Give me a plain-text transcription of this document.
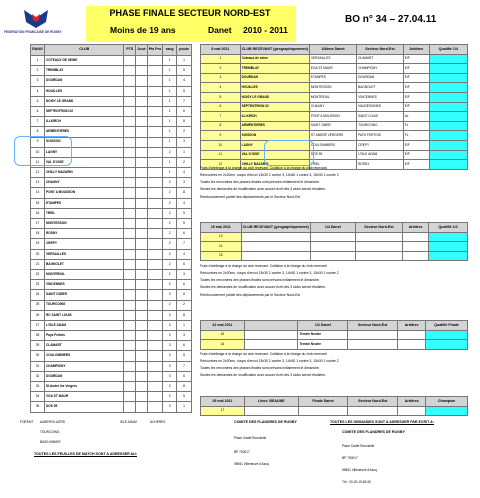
FEDERATION FRANCAISE DE RUGBY
PHASE FINALE SECTEUR NORD-EST
Moins de 19 ans	Danet 2010 - 2011
BO n° 34 – 27.04.11
RANG	CLUB	PTS	Joué	Pts Pro	rang	poule
1	COTEAUX DE SEINE				1	1
2	TREMBLAY				1	5
3	DOURDAN				1	4
4	HOUILLES				1	5
5	NOISY LE GRAND				1	7
6	SEPTENTRION 02				1	6
7	ILLKIRCH				1	8
8	ARMENTIERES				1	2
9	SOISSON				1	3
10	LAGNY				2	1
11	VAL D'OISE				1	2
12	CHILLY MAZARIN				1	4
13	CHAUNY				2	3
14	PONT A MOUSSON				2	8
15	ETAMPES				2	4
16	TRIEL				2	5
17	MONTESSON				2	5
18	ROSNY				2	6
19	CREPY				2	7
20	VERSAILLES				2	4
21	BAGNOLET				2	6
22	MONTREUIL				2	3
23	VINCENNES				2	6
24	SAINT DIZIER				3	8
25	TOURCOING				2	2
26	RC SAINT LOUIS				3	8
27	L'ISLE ADAM				3	1
28	Pays Fertois				3	3
29	CLAMART				3	6
30	COULOMMIERS				3	5
31	CHAMPIGNY				3	7
32	DOURDAN				3	6
33	St Andre les Vergers				3	8
34	VGA ST MAUR				3	5
35	DOS 95				3	1
FORFAIT AUBERVILLIERS
TOURCOING
BASS MINIER
ISLE ADAM	ACHERES
8 mai 2011	CLUB RECEVANT (géographiquement)	1/8ème Danet	Secteur Nord-Est	Arbitres	Qualifié 1/4
1	Coteaux de seine	VERSAILLES	CLAMART	EIF	
2	TREMBLAY	EGA ST MAUR	CHAMPIGNY	EIF	
3	DOURDAN	ETAMPES	DOURDAN	EIF	
4	HOUILLES	MONTESSON	BAGNOLET	EIF	
5	NOISY LE GRAND	MONTREUIL	VINCENNES	EIF	
6	SEPTENTRION 02	CHAUNY	VAUDESIONES	EIF	
7	ILLKIRCH	PONT A MOUSSON	SAINT LOUIS	AL	
8	ARMENTIERES	SAINT OMER	TOURCOING	FL	
9	SOISSON	ST ANDRE VERGERS	PAYS FERTOIS	FL	
10	LAGNY	COULOMMIERS	CREPY	EIF	
11	VAL D'OISE	DOS 95	L'ISLE ADAM	EIF	
12	CHILLY MAZARIN	TRIEL	ROSNY	EIF	
Frais d'arbitrage à la charge du club recevant. Collation à la charge du club recevant.
Rencontres en 2x20mn, coups d'envoi 13h30 2 contre 3, 14h30 1 contre 3, 15h30 1 contre 2
Toutes les rencontres des phases finales sont prévues initialement le dimanche.
Seules les demandes de modification avec accord écrit des 3 clubs seront étudiées.
Remboursement partiel des déplacements par le Secteur Nord-Est
15 mai 2011	CLUB RECEVANT (géographiquement)	1/4 Danet	Secteur Nord-Est	Arbitres	Qualifié 1/2
13					
14					
15					
Frais d'arbitrage à la charge du club recevant. Collation à la charge du club recevant.
Rencontres en 2x20mn, coups d'envoi 13h30 2 contre 3, 14h30 1 contre 3, 15h30 1 contre 2
Toutes les rencontres des phases finales sont prévues initialement le dimanche.
Seules les demandes de modification avec accord écrit des 3 clubs seront étudiées.
Remboursement partiel des déplacements par le Secteur Nord-Est
22 mai 2011		1/2 Danet	Secteur Nord-Est	Arbitres	Qualifié Finale
15		Terrain Neutre			
16		Terrain Neutre			
Frais d'arbitrage à la charge du club recevant. Collation à la charge du club recevant.
Rencontres en 2x20mn, coups d'envoi 13h30 2 contre 3, 14h30 1 contre 3, 15h30 1 contre 2
Toutes les rencontres des phases finales sont prévues initialement le dimanche.
Seules les demandes de modification avec accord écrit des 3 clubs seront étudiées.
29 mai 2011	Lieux: BEAUNE	Finale Danet	Secteur Nord-Est	Arbitres	Champion
17					
TOUTES LES FEUILLES DE MATCH SONT A ADRESSER AU:
COMITE DES FLANDRES DE RUGBY
Place Cadet Rouxselle
BP 700017
59651 Villeneuve d'Ascq
TOUTES LES DEMANDES SONT A ADRESSER PAR ECRIT A:
COMITE DES FLANDRES DE RUGBY
Place Cadet Rouxselle
BP 700017
59651 Villeneuve d'Ascq
Tél : 03-20-19-82-60
